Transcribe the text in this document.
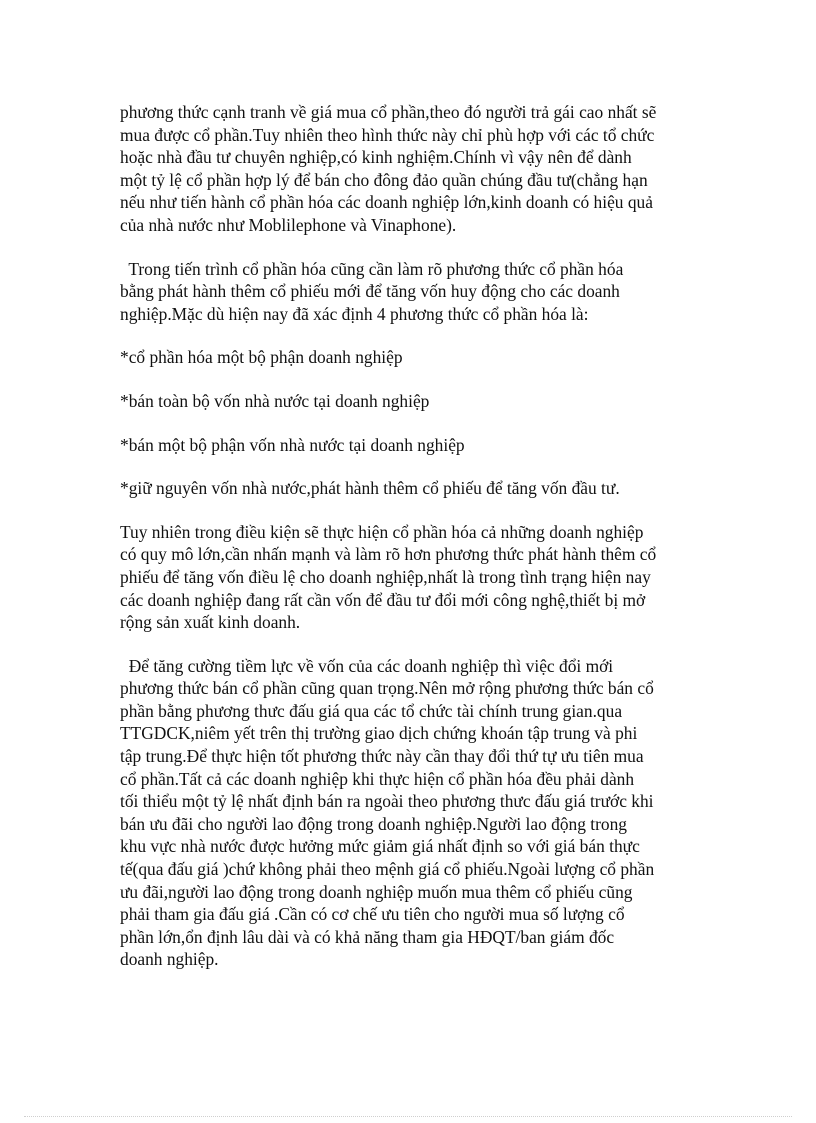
phương thức cạnh tranh về giá mua cổ phần,theo đó người trả gái cao nhất sẽ
mua được cổ phần.Tuy nhiên theo hình thức này chỉ phù hợp với các tổ chức
hoặc nhà đầu tư chuyên nghiệp,có kinh nghiệm.Chính vì vậy nên để dành
một tỷ lệ cổ phần hợp lý để bán cho đông đảo quần chúng đầu tư(chẳng hạn
nếu như tiến hành cổ phần hóa các doanh nghiệp lớn,kinh doanh có hiệu quả
của nhà nước như Moblilephone và Vinaphone).
Trong tiến trình cổ phần hóa cũng cần làm rõ phương thức cổ phần hóa
bằng phát hành thêm cổ phiếu mới để tăng vốn huy động cho các doanh
nghiệp.Mặc dù hiện nay đã xác định 4 phương thức cổ phần hóa là:
*cổ phần hóa một bộ phận doanh nghiệp
*bán toàn bộ vốn nhà nước tại doanh nghiệp
*bán một bộ phận vốn nhà nước tại doanh nghiệp
*giữ nguyên vốn nhà nước,phát hành thêm cổ phiếu để tăng vốn đầu tư.
Tuy nhiên trong điều kiện sẽ thực hiện cổ phần hóa cả những doanh nghiệp
có quy mô lớn,cần nhấn mạnh và làm rõ hơn phương thức phát hành thêm cổ
phiếu để tăng vốn điều lệ cho doanh nghiệp,nhất là trong tình trạng hiện nay
các doanh nghiệp đang rất cần vốn để đầu tư đổi mới công nghệ,thiết bị mở
rộng sản xuất kinh doanh.
Để tăng cường tiềm lực về vốn của các doanh nghiệp thì việc đổi mới
phương thức bán cổ phần cũng quan trọng.Nên mở rộng phương thức bán cổ
phần bằng phương thưc đấu giá qua các tổ chức tài chính trung gian.qua
TTGDCK,niêm yết trên thị trường giao dịch chứng khoán tập trung và phi
tập trung.Để thực hiện tốt phương thức này cần thay đổi thứ tự ưu tiên mua
cổ phần.Tất cả các doanh nghiệp khi thực hiện cổ phần hóa đều phải dành
tối thiểu một tỷ lệ nhất định bán ra ngoài theo phương thưc đấu giá trước khi
bán ưu đãi cho người lao động trong doanh nghiệp.Người lao động trong
khu vực nhà nước được hưởng mức giảm giá nhất định so với giá bán thực
tế(qua đấu giá )chứ không phải theo mệnh giá cổ phiếu.Ngoài lượng cổ phần
ưu đãi,người lao động trong doanh nghiệp muốn mua thêm cổ phiếu cũng
phải tham gia đấu giá .Cần có cơ chế ưu tiên cho người mua số lượng cổ
phần lớn,ổn định lâu dài và có khả năng tham gia HĐQT/ban giám đốc
doanh nghiệp.
